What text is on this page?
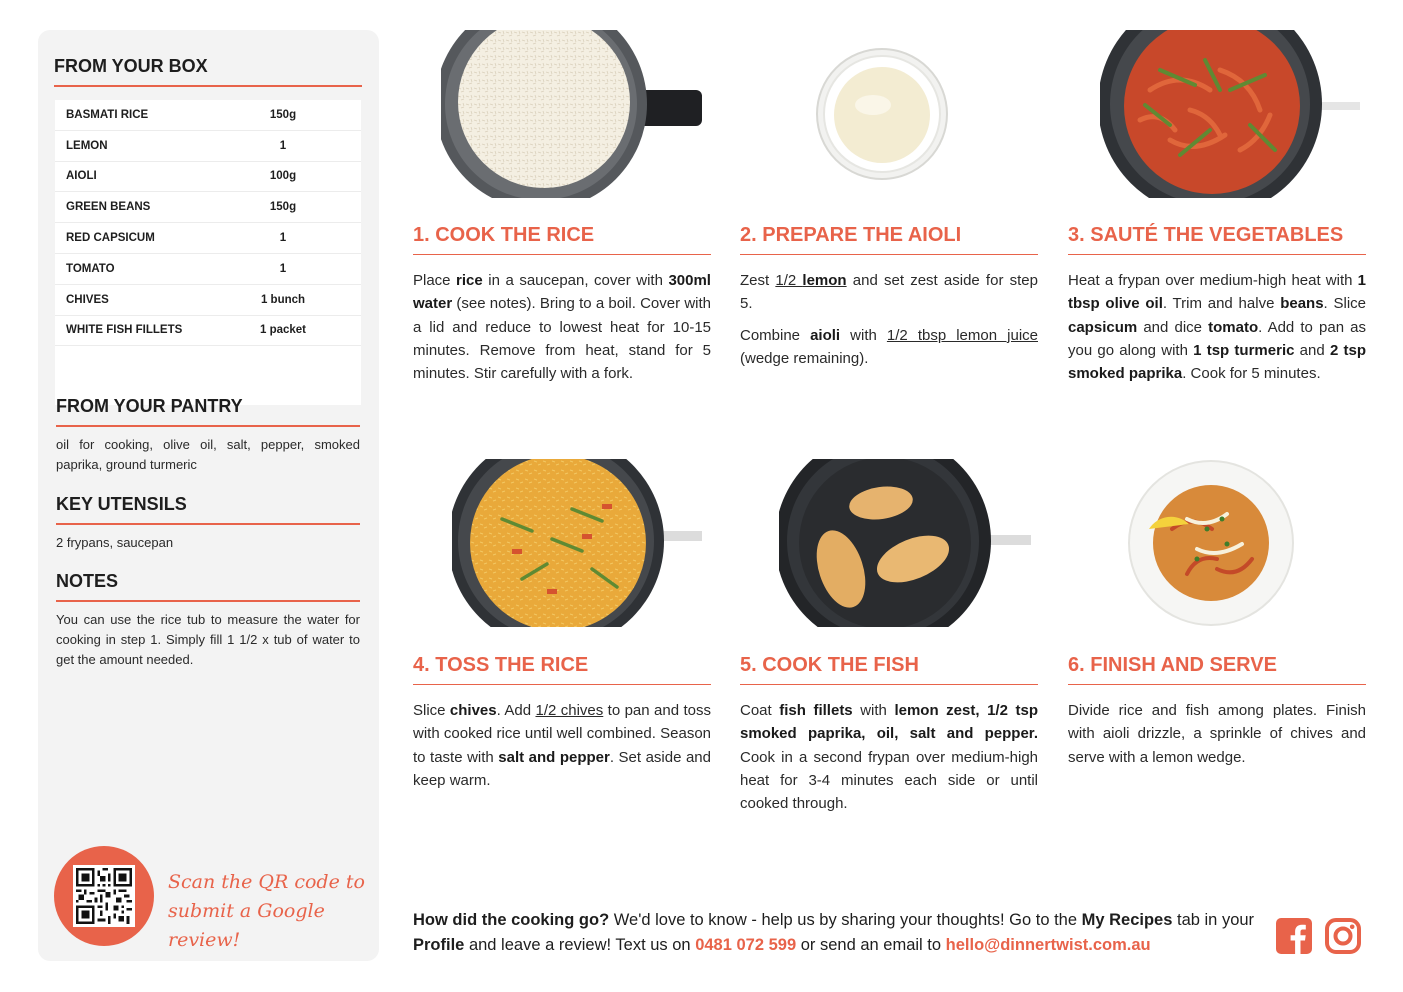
FROM YOUR BOX
BASMATI RICE	150g
LEMON	1
AIOLI	100g
GREEN BEANS	150g
RED CAPSICUM	1
TOMATO	1
CHIVES	1 bunch
WHITE FISH FILLETS	1 packet
FROM YOUR PANTRY
oil for cooking, olive oil, salt, pepper, smoked paprika, ground turmeric
KEY UTENSILS
2 frypans, saucepan
NOTES
You can use the rice tub to measure the water for cooking in step 1. Simply fill 1 1/2 x tub of water to get the amount needed.
Scan the QR code to
submit a Google review!
1. COOK THE RICE
Place rice in a saucepan, cover with 300ml water (see notes). Bring to a boil. Cover with a lid and reduce to lowest heat for 10-15 minutes. Remove from heat, stand for 5 minutes. Stir carefully with a fork.
2. PREPARE THE AIOLI

Zest 1/2 lemon and set zest aside for step 5.

Combine aioli with 1/2 tbsp lemon juice (wedge remaining).

3. SAUTÉ THE VEGETABLES
Heat a frypan over medium-high heat with 1 tbsp olive oil. Trim and halve beans. Slice capsicum and dice tomato. Add to pan as you go along with 1 tsp turmeric and 2 tsp smoked paprika. Cook for 5 minutes.
4. TOSS THE RICE
Slice chives. Add 1/2 chives to pan and toss with cooked rice until well combined. Season to taste with salt and pepper. Set aside and keep warm.
5. COOK THE FISH
Coat fish fillets with lemon zest, 1/2 tsp smoked paprika, oil, salt and pepper. Cook in a second frypan over medium-high heat for 3-4 minutes each side or until cooked through.
6. FINISH AND SERVE
Divide rice and fish among plates. Finish with aioli drizzle, a sprinkle of chives and serve with a lemon wedge.
How did the cooking go? We'd love to know - help us by sharing your thoughts! Go to the My Recipes tab in your Profile and leave a review! Text us on 0481 072 599 or send an email to hello@dinnertwist.com.au
